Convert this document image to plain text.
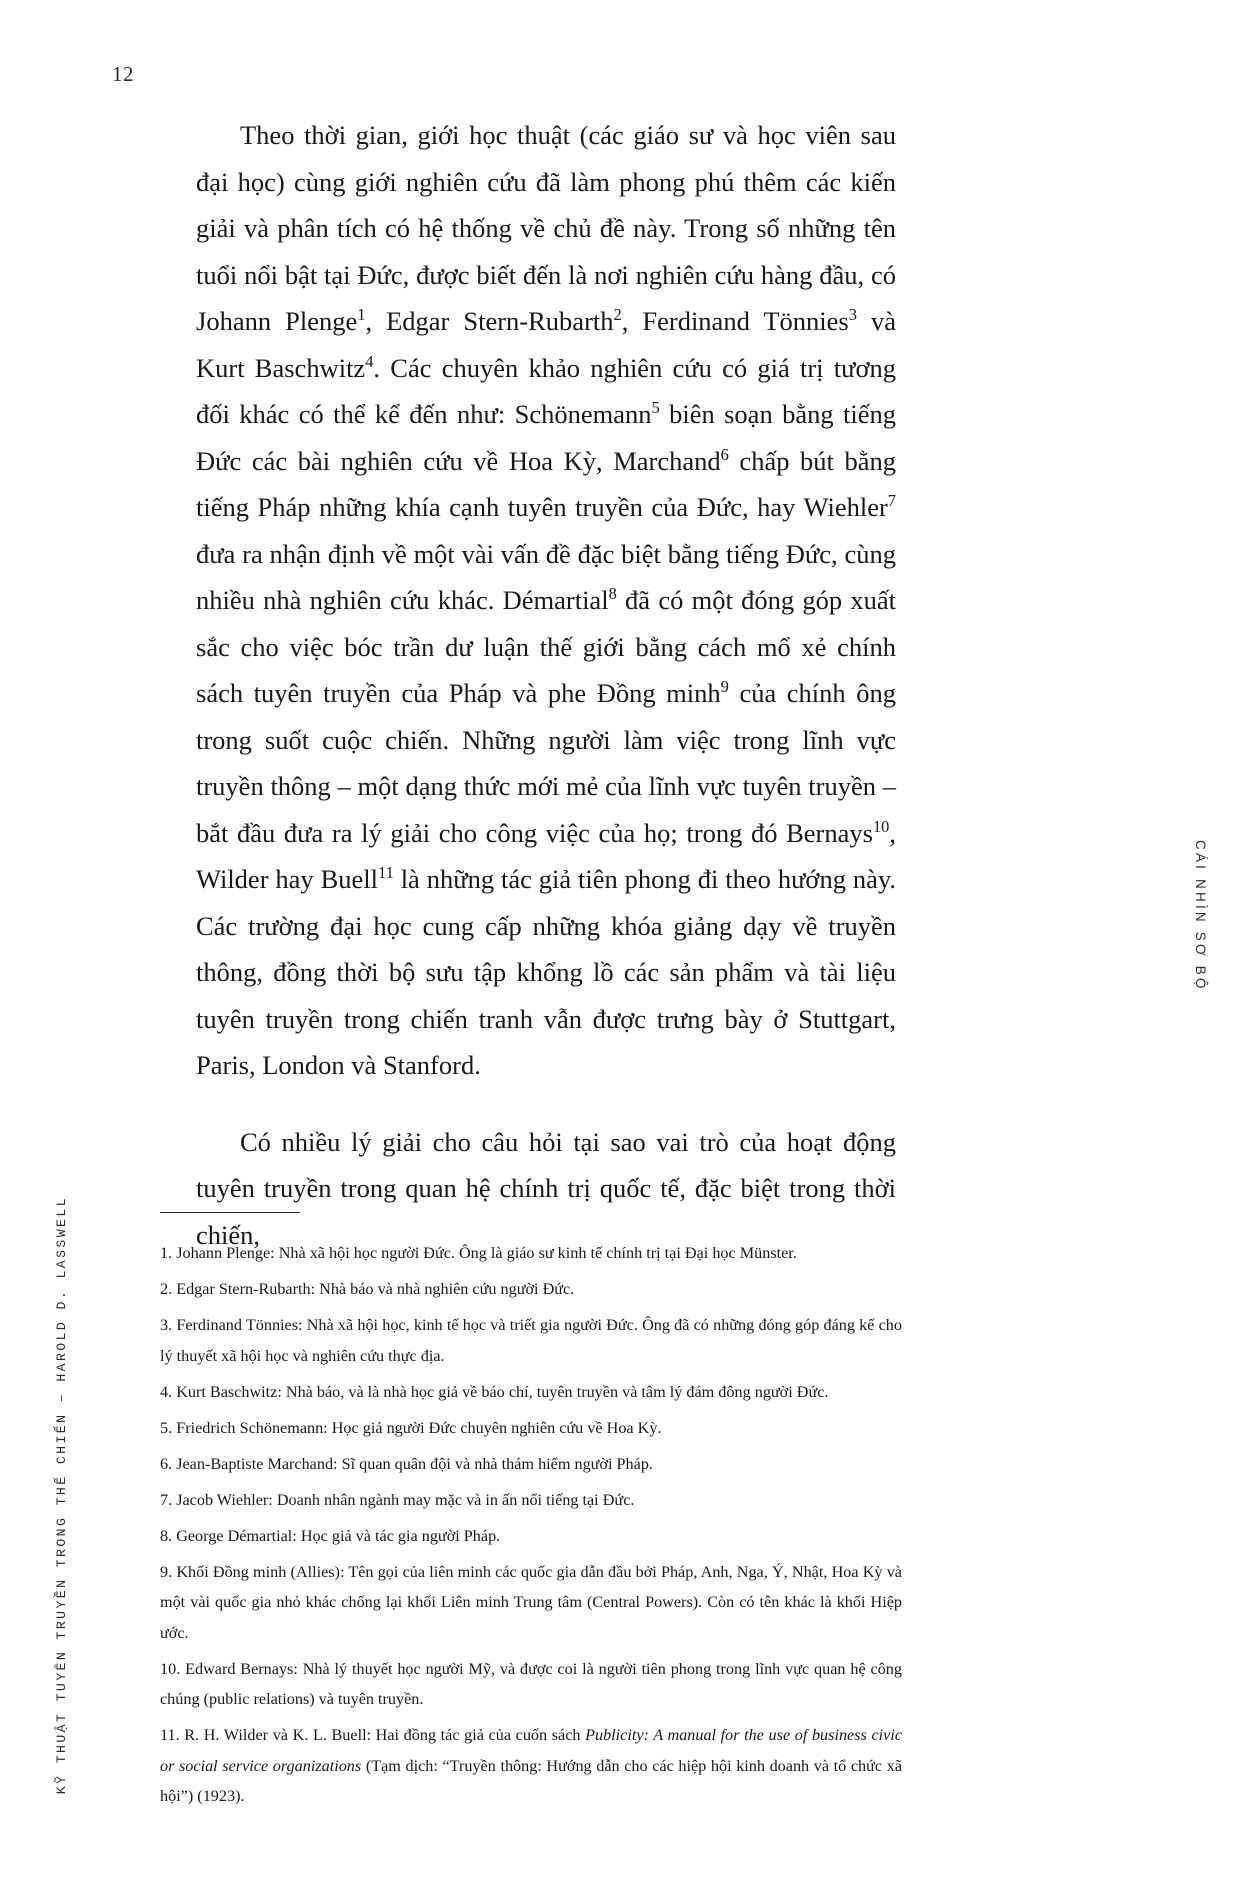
12

Theo thời gian, giới học thuật (các giáo sư và học viên sau đại học) cùng giới nghiên cứu đã làm phong phú thêm các kiến giải và phân tích có hệ thống về chủ đề này. Trong số những tên tuổi nổi bật tại Đức, được biết đến là nơi nghiên cứu hàng đầu, có Johann Plenge$^1$, Edgar Stern-Rubarth$^2$, Ferdinand Tönnies$^3$ và Kurt Baschwitz$^4$. Các chuyên khảo nghiên cứu có giá trị tương đối khác có thể kể đến như: Schönemann$^5$ biên soạn bằng tiếng Đức các bài nghiên cứu về Hoa Kỳ, Marchand$^6$ chấp bút bằng tiếng Pháp những khía cạnh tuyên truyền của Đức, hay Wiehler$^7$ đưa ra nhận định về một vài vấn đề đặc biệt bằng tiếng Đức, cùng nhiều nhà nghiên cứu khác. Démartial$^8$ đã có một đóng góp xuất sắc cho việc bóc trần dư luận thế giới bằng cách mổ xẻ chính sách tuyên truyền của Pháp và phe Đồng minh$^9$ của chính ông trong suốt cuộc chiến. Những người làm việc trong lĩnh vực truyền thông – một dạng thức mới mẻ của lĩnh vực tuyên truyền – bắt đầu đưa ra lý giải cho công việc của họ; trong đó Bernays$^{10}$, Wilder hay Buell$^{11}$ là những tác giả tiên phong đi theo hướng này. Các trường đại học cung cấp những khóa giảng dạy về truyền thông, đồng thời bộ sưu tập khổng lồ các sản phẩm và tài liệu tuyên truyền trong chiến tranh vẫn được trưng bày ở Stuttgart, Paris, London và Stanford.

Có nhiều lý giải cho câu hỏi tại sao vai trò của hoạt động tuyên truyền trong quan hệ chính trị quốc tế, đặc biệt trong thời chiến,

1. Johann Plenge: Nhà xã hội học người Đức. Ông là giáo sư kinh tế chính trị tại Đại học Münster.
2. Edgar Stern-Rubarth: Nhà báo và nhà nghiên cứu người Đức.
3. Ferdinand Tönnies: Nhà xã hội học, kinh tế học và triết gia người Đức. Ông đã có những đóng góp đáng kể cho lý thuyết xã hội học và nghiên cứu thực địa.
4. Kurt Baschwitz: Nhà báo, và là nhà học giả về báo chí, tuyên truyền và tâm lý đám đông người Đức.
5. Friedrich Schönemann: Học giả người Đức chuyên nghiên cứu về Hoa Kỳ.
6. Jean-Baptiste Marchand: Sĩ quan quân đội và nhà thám hiểm người Pháp.
7. Jacob Wiehler: Doanh nhân ngành may mặc và in ấn nổi tiếng tại Đức.
8. George Démartial: Học giả và tác gia người Pháp.
9. Khối Đồng minh (Allies): Tên gọi của liên minh các quốc gia dẫn đầu bởi Pháp, Anh, Nga, Ý, Nhật, Hoa Kỳ và một vài quốc gia nhỏ khác chống lại khối Liên minh Trung tâm (Central Powers). Còn có tên khác là khối Hiệp ước.
10. Edward Bernays: Nhà lý thuyết học người Mỹ, và được coi là người tiên phong trong lĩnh vực quan hệ công chúng (public relations) và tuyên truyền.
11. R. H. Wilder và K. L. Buell: Hai đồng tác giả của cuốn sách Publicity: A manual for the use of business civic or social service organizations (Tạm dịch: “Truyền thông: Hướng dẫn cho các hiệp hội kinh doanh và tổ chức xã hội”) (1923).
CÁI NHÌN SƠ BỘ
KỸ THUẬT TUYÊN TRUYỀN TRONG THẾ CHIẾN – HAROLD D. LASSWELL
